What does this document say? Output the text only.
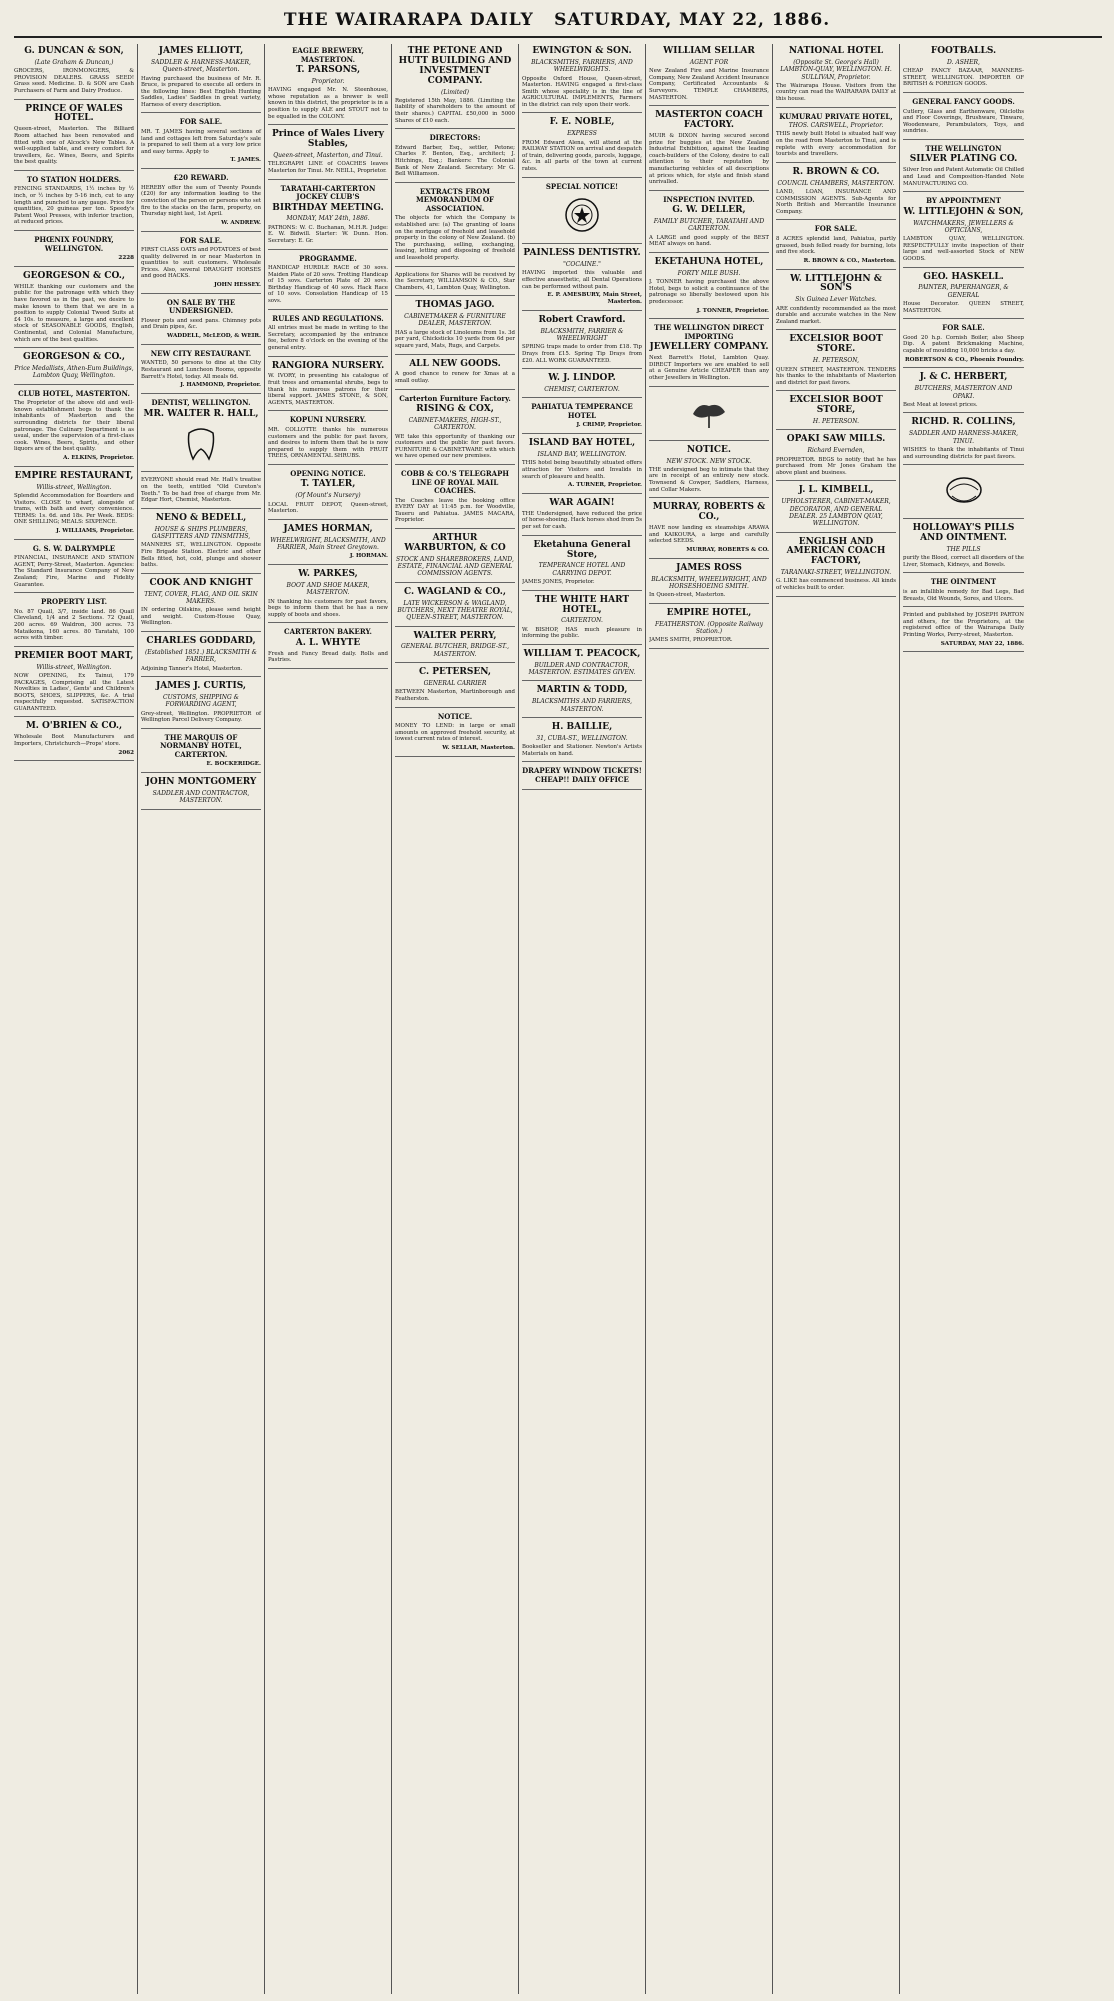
THE WAIRARAPA DAILY SATURDAY, MAY 22, 1886.
G. DUNCAN & SON,
(Late Graham & Duncan,)
GROCERS, IRONMONGERS, & PROVISION DEALERS. GRASS SEED! Grass seed. Medicine. D. & SON are Cash Purchasers of Farm and Dairy Produce.
PRINCE OF WALES HOTEL.
Queen-street, Masterton. The Billiard Room attached has been renovated and fitted with one of Alcock's New Tables. A well-supplied table, and every comfort for travellers, &c. Wines, Beers, and Spirits the best quality.
TO STATION HOLDERS.
FENCING STANDARDS, 1½ inches by ½ inch, or ½ inches by 5-16 inch, cut to any length and punched to any gauge. Price for quantities, 20 guineas per ton. Speedy's Patent Wool Presses, with inferior traction, at reduced prices.
PHŒNIX FOUNDRY, WELLINGTON.
2228
GEORGESON & CO.,
WHILE thanking our customers and the public for the patronage with which they have favored us in the past, we desire to make known to them that we are in a position to supply Colonial Tweed Suits at £4 10s. to measure, a large and excellent stock of SEASONABLE GOODS, English, Continental, and Colonial Manufacture, which are of the best qualities.
GEORGESON & CO.,
Price Medallists, Athen-Eum Buildings, Lambton Quay, Wellington.
CLUB HOTEL, MASTERTON.
The Proprietor of the above old and well-known establishment begs to thank the inhabitants of Masterton and the surrounding districts for their liberal patronage. The Culinary Department is as usual, under the supervision of a first-class cook. Wines, Beers, Spirits, and other liquors are of the best quality.
A. ELKINS, Proprietor.
EMPIRE RESTAURANT,
Willis-street, Wellington.
Splendid Accommodation for Boarders and Visitors. CLOSE to wharf, alongside of trams, with bath and every convenience. TERMS: 1s. 6d. and 18s. Per Week. BEDS: ONE SHILLING; MEALS: SIXPENCE.
J. WILLIAMS, Proprietor.
G. S. W. DALRYMPLE
FINANCIAL, INSURANCE AND STATION AGENT, Perry-Street, Masterton. Agencies: The Standard Insurance Company of New Zealand; Fire, Marine and Fidelity Guarantee.
PROPERTY LIST.
No. 87 Quail, 3/7, inside land. 86 Quail Cleveland, 1/4 and 2 Sections. 72 Quail, 200 acres. 69 Waldron, 300 acres. 73 Mataikona, 160 acres. 80 Taratahi, 100 acres with timber.
PREMIER BOOT MART,
Willis-street, Wellington.
NOW OPENING, Ex Tainui, 179 PACKAGES, Comprising all the Latest Novelties in Ladies', Gents' and Children's BOOTS, SHOES, SLIPPERS, &c. A trial respectfully requested. SATISFACTION GUARANTEED.
M. O'BRIEN & CO.,
Wholesale Boot Manufacturers and Importers, Christchurch—Props' store.
2062
JAMES ELLIOTT,
SADDLER & HARNESS-MAKER, Queen-street, Masterton.
Having purchased the business of Mr. R. Bruce, is prepared to execute all orders in the following lines: Best English Hunting Saddles, Ladies' Saddles in great variety, Harness of every description.
FOR SALE.
MR. T. JAMES having several sections of land and cottages left from Saturday's sale is prepared to sell them at a very low price and easy terms. Apply to
T. JAMES.
£20 REWARD.
HEREBY offer the sum of Twenty Pounds (£20) for any information leading to the conviction of the person or persons who set fire to the stacks on the farm, property, on Thursday night last, 1st April.
W. ANDREW.
FOR SALE.
FIRST CLASS OATS and POTATOES of best quality delivered in or near Masterton in quantities to suit customers. Wholesale Prices. Also, several DRAUGHT HORSES and good HACKS.
JOHN HESSEY.
ON SALE BY THE UNDERSIGNED.
Flower pots and seed pans. Chimney pots and Drain pipes, &c.
WADDELL, McLEOD, & WEIR.
NEW CITY RESTAURANT.
WANTED, 50 persons to dine at the City Restaurant and Luncheon Rooms, opposite Barrett's Hotel, today. All meals 6d.
J. HAMMOND, Proprietor.
DENTIST, WELLINGTON.
MR. WALTER R. HALL,
EVERYONE should read Mr. Hall's treatise on the teeth, entitled "Old Cureton's Teeth." To be had free of charge from Mr. Edgar Hort, Chemist, Masterton.
NENO & BEDELL,
HOUSE & SHIPS PLUMBERS, GASFITTERS AND TINSMITHS,
MANNERS ST., WELLINGTON. Opposite Fire Brigade Station. Electric and other Bells fitted, hot, cold, plunge and shower baths.
COOK AND KNIGHT
TENT, COVER, FLAG, AND OIL SKIN MAKERS.
IN ordering Oilskins, please send height and weight. Custom-House Quay, Wellington.
CHARLES GODDARD,
(Established 1851.) BLACKSMITH & FARRIER,
Adjoining Tanner's Hotel, Masterton.
JAMES J. CURTIS,
CUSTOMS, SHIPPING & FORWARDING AGENT,
Grey-street, Wellington. PROPRIETOR of Wellington Parcel Delivery Company.
THE MARQUIS OF NORMANBY HOTEL, CARTERTON.
E. BOCKERIDGE.
JOHN MONTGOMERY
SADDLER AND CONTRACTOR, MASTERTON.
EAGLE BREWERY, MASTERTON.
T. PARSONS,
Proprietor.
HAVING engaged Mr. N. Steenhouse, whose reputation as a brewer is well known in this district, the proprietor is in a position to supply ALE and STOUT not to be equalled in the COLONY.
Prince of Wales Livery Stables,
Queen-street, Masterton, and Tinui.
TELEGRAPH LINE of COACHES leaves Masterton for Tinui. Mr. NEILL, Proprietor.
TARATAHI-CARTERTON JOCKEY CLUB'S
BIRTHDAY MEETING.
MONDAY, MAY 24th, 1886.
PATRONS: W. C. Buchanan, M.H.R. Judge: E. W. Bidwill. Starter: W. Dunn. Hon. Secretary: E. Gr.
PROGRAMME.
HANDICAP HURDLE RACE of 30 sovs. Maiden Plate of 20 sovs. Trotting Handicap of 15 sovs. Carterton Plate of 20 sovs. Birthday Handicap of 40 sovs. Hack Race of 10 sovs. Consolation Handicap of 15 sovs.
RULES AND REGULATIONS.
All entries must be made in writing to the Secretary, accompanied by the entrance fee, before 8 o'clock on the evening of the general entry.
RANGIORA NURSERY.
W. IVORY, in presenting his catalogue of fruit trees and ornamental shrubs, begs to thank his numerous patrons for their liberal support. JAMES STONE, & SON, AGENTS, MASTERTON.
KOPUNI NURSERY.
MR. COLLOTTE thanks his numerous customers and the public for past favors, and desires to inform them that he is now prepared to supply them with FRUIT TREES, ORNAMENTAL SHRUBS.
OPENING NOTICE.
T. TAYLER,
(Of Mount's Nursery)
LOCAL FRUIT DEPOT, Queen-street, Masterton.
JAMES HORMAN,
WHEELWRIGHT, BLACKSMITH, AND FARRIER, Main Street Greytown.
J. HORMAN.
W. PARKES,
BOOT AND SHOE MAKER, MASTERTON.
IN thanking his customers for past favors, begs to inform them that he has a new supply of boots and shoes.
CARTERTON BAKERY.
A. L. WHYTE
Fresh and Fancy Bread daily. Rolls and Pastries.
THE PETONE AND HUTT BUILDING AND INVESTMENT COMPANY.
(Limited)
Registered 15th May, 1886. (Limiting the liability of shareholders to the amount of their shares.) CAPITAL £50,000 in 5000 Shares of £10 each.
DIRECTORS:
Edward Barber, Esq., settler, Petone; Charles F. Benton, Esq., architect; J. Hitchings, Esq.; Bankers: The Colonial Bank of New Zealand. Secretary: Mr G. Bell Williamson.
EXTRACTS FROM MEMORANDUM OF ASSOCIATION.
The objects for which the Company is established are: (a) The granting of loans on the mortgage of freehold and leasehold property in the colony of New Zealand. (b) The purchasing, selling, exchanging, leasing, letting and disposing of freehold and leasehold property.
Applications for Shares will be received by the Secretary, WILLIAMSON & CO., Star Chambers, 41, Lambton Quay, Wellington.
THOMAS JAGO.
CABINETMAKER & FURNITURE DEALER, MASTERTON.
HAS a large stock of Linoleums from 1s. 3d per yard, Chicksticks 10 yards from 6d per square yard, Mats, Rugs, and Carpets.
ALL NEW GOODS.
A good chance to renew for Xmas at a small outlay.
Carterton Furniture Factory.
RISING & COX,
CABINET-MAKERS, HIGH-ST., CARTERTON.
WE take this opportunity of thanking our customers and the public for past favors. FURNITURE & CABINETWARE with which we have opened our new premises.
COBB & CO.'S TELEGRAPH LINE OF ROYAL MAIL COACHES.
The Coaches leave the booking office EVERY DAY at 11:45 p.m. for Woodville, Taueru and Pahiatua. JAMES MACARA, Proprietor.
ARTHUR WARBURTON, & CO
STOCK AND SHAREBROKERS, LAND, ESTATE, FINANCIAL AND GENERAL COMMISSION AGENTS.
C. WAGLAND & CO.,
LATE WICKERSON & WAGLAND, BUTCHERS, NEXT THEATRE ROYAL, QUEEN-STREET, MASTERTON.
WALTER PERRY,
GENERAL BUTCHER, BRIDGE-ST., MASTERTON.
C. PETERSEN,
GENERAL CARRIER
BETWEEN Masterton, Martinborough and Featherston.
NOTICE.
MONEY TO LEND: in large or small amounts on approved freehold security, at lowest current rates of interest.
W. SELLAR, Masterton.
EWINGTON & SON.
BLACKSMITHS, FARRIERS, AND WHEELWRIGHTS.
Opposite Oxford House, Queen-street, Masterton. HAVING engaged a first-class Smith whose speciality is in the line of AGRICULTURAL IMPLEMENTS, Farmers in the district can rely upon their work.
F. E. NOBLE,
EXPRESS
FROM Edward Alena, will attend at the RAILWAY STATION on arrival and despatch of train, delivering goods, parcels, luggage, &c. in all parts of the town at current rates.
SPECIAL NOTICE!
PAINLESS DENTISTRY.
"COCAINE."
HAVING imported this valuable and effective anaesthetic, all Dental Operations can be performed without pain.
E. P. AMESBURY, Main Street, Masterton.
Robert Crawford.
BLACKSMITH, FARRIER & WHEELWRIGHT
SPRING traps made to order from £18. Tip Drays from £15. Spring Tip Drays from £20. ALL WORK GUARANTEED.
W. J. LINDOP.
CHEMIST, CARTERTON.
PAHIATUA TEMPERANCE HOTEL
J. CRIMP, Proprietor.
ISLAND BAY HOTEL,
ISLAND BAY, WELLINGTON.
THIS hotel being beautifully situated offers attraction for Visitors and Invalids in search of pleasure and health.
A. TURNER, Proprietor.
WAR AGAIN!
THE Undersigned, have reduced the price of horse-shoeing. Hack horses shod from 5s per set for cash.
Eketahuna General Store,
TEMPERANCE HOTEL AND CARRYING DEPOT.
JAMES JONES, Proprietor.
THE WHITE HART HOTEL,
CARTERTON.
W. BISHOP, HAS much pleasure in informing the public.
WILLIAM T. PEACOCK,
BUILDER AND CONTRACTOR, MASTERTON. ESTIMATES GIVEN.
MARTIN & TODD,
BLACKSMITHS AND FARRIERS, MASTERTON.
H. BAILLIE,
31, CUBA-ST., WELLINGTON.
Bookseller and Stationer. Newton's Artists Materials on hand.
DRAPERY WINDOW TICKETS! CHEAP!! DAILY OFFICE
WILLIAM SELLAR
AGENT FOR
New Zealand Fire and Marine Insurance Company, New Zealand Accident Insurance Company, Certificated Accountants & Surveyors. TEMPLE CHAMBERS, MASTERTON.
MASTERTON COACH FACTORY.
MUIR & DIXON having secured second prize for buggies at the New Zealand Industrial Exhibition, against the leading coach-builders of the Colony, desire to call attention to their reputation by manufacturing vehicles of all descriptions at prices which, for style and finish stand unrivalled.
INSPECTION INVITED.
G. W. DELLER,
FAMILY BUTCHER, TARATAHI AND CARTERTON.
A LARGE and good supply of the BEST MEAT always on hand.
EKETAHUNA HOTEL,
FORTY MILE BUSH.
J. TONNER having purchased the above Hotel, begs to solicit a continuance of the patronage so liberally bestowed upon his predecessor.
J. TONNER, Proprietor.
THE WELLINGTON DIRECT IMPORTING
JEWELLERY COMPANY.
Next Barrett's Hotel, Lambton Quay. DIRECT Importers we are enabled to sell at a Genuine Article CHEAPER than any other Jewellers in Wellington.
NOTICE.
NEW STOCK. NEW STOCK.
THE undersigned beg to intimate that they are in receipt of an entirely new stock. Townsend & Cowper, Saddlers, Harness, and Collar Makers.
MURRAY, ROBERTS & CO.,
HAVE now landing ex steamships ARAWA and KAIKOURA, a large and carefully selected SEEDS.
MURRAY, ROBERTS & CO.
JAMES ROSS
BLACKSMITH, WHEELWRIGHT, AND HORSESHOEING SMITH.
In Queen-street, Masterton.
EMPIRE HOTEL,
FEATHERSTON. (Opposite Railway Station.)
JAMES SMITH, PROPRIETOR.
NATIONAL HOTEL
(Opposite St. George's Hall) LAMBTON-QUAY, WELLINGTON. H. SULLIVAN, Proprietor.
The Wairarapa House. Visitors from the country can read the WAIRARAPA DAILY at this house.
KUMURAU PRIVATE HOTEL,
THOS. CARSWELL, Proprietor.
THIS newly built Hotel is situated half way on the road from Masterton to Tinui, and is replete with every accommodation for tourists and travellers.
R. BROWN & CO.
COUNCIL CHAMBERS, MASTERTON.
LAND, LOAN, INSURANCE AND COMMISSION AGENTS. Sub-Agents for North British and Mercantile Insurance Company.
FOR SALE.
8 ACRES splendid land, Pahiatua, partly grassed, bush felled ready for burning, lots and five stock.
R. BROWN & CO., Masterton.
W. LITTLEJOHN & SON'S
Six Guinea Lever Watches.
ARE confidently recommended as the most durable and accurate watches in the New Zealand market.
EXCELSIOR BOOT STORE.
H. PETERSON,
QUEEN STREET, MASTERTON. TENDERS his thanks to the inhabitants of Masterton and district for past favors.
EXCELSIOR BOOT STORE,
H. PETERSON.
OPAKI SAW MILLS.
Richard Evernden,
PROPRIETOR. BEGS to notify that he has purchased from Mr Jones Graham the above plant and business.
J. L. KIMBELL,
UPHOLSTERER, CABINET-MAKER, DECORATOR, AND GENERAL DEALER. 25 LAMBTON QUAY, WELLINGTON.
ENGLISH AND AMERICAN COACH FACTORY,
TARANAKI-STREET, WELLINGTON.
G. LIKE has commenced business. All kinds of vehicles built to order.
FOOTBALLS.
D. ASHER,
CHEAP FANCY BAZAAR, MANNERS-STREET, WELLINGTON. IMPORTER OF BRITISH & FOREIGN GOODS.
GENERAL FANCY GOODS.
Cutlery, Glass and Earthenware, Oilcloths and Floor Coverings, Brushware, Tinware, Woodenware, Perambulators, Toys, and sundries.
THE WELLINGTON
SILVER PLATING CO.
Silver Iron and Patent Automatic Oil Chilled and Lead and Composition-Handed Note MANUFACTURING CO.
BY APPOINTMENT
W. LITTLEJOHN & SON,
WATCHMAKERS, JEWELLERS & OPTICIANS,
LAMBTON QUAY, WELLINGTON. RESPECTFULLY invite inspection of their large and well-assorted Stock of NEW GOODS.
GEO. HASKELL.
PAINTER, PAPERHANGER, & GENERAL
House Decorator. QUEEN STREET, MASTERTON.
FOR SALE.
Good 20 h.p. Cornish Boiler, also Sheep Dip. A patent Brickmaking Machine, capable of moulding 10,000 bricks a day.
ROBERTSON & CO., Phoenix Foundry.
J. & C. HERBERT,
BUTCHERS, MASTERTON AND OPAKI.
Best Meat at lowest prices.
RICHD. R. COLLINS,
SADDLER AND HARNESS-MAKER, TINUI.
WISHES to thank the inhabitants of Tinui and surrounding districts for past favors.
HOLLOWAY'S PILLS AND OINTMENT.
THE PILLS
purify the Blood, correct all disorders of the Liver, Stomach, Kidneys, and Bowels.
THE OINTMENT
is an infallible remedy for Bad Legs, Bad Breasts, Old Wounds, Sores, and Ulcers.
Printed and published by JOSEPH PARTON and others, for the Proprietors, at the registered office of the Wairarapa Daily Printing Works, Perry-street, Masterton.
SATURDAY, MAY 22, 1886.
